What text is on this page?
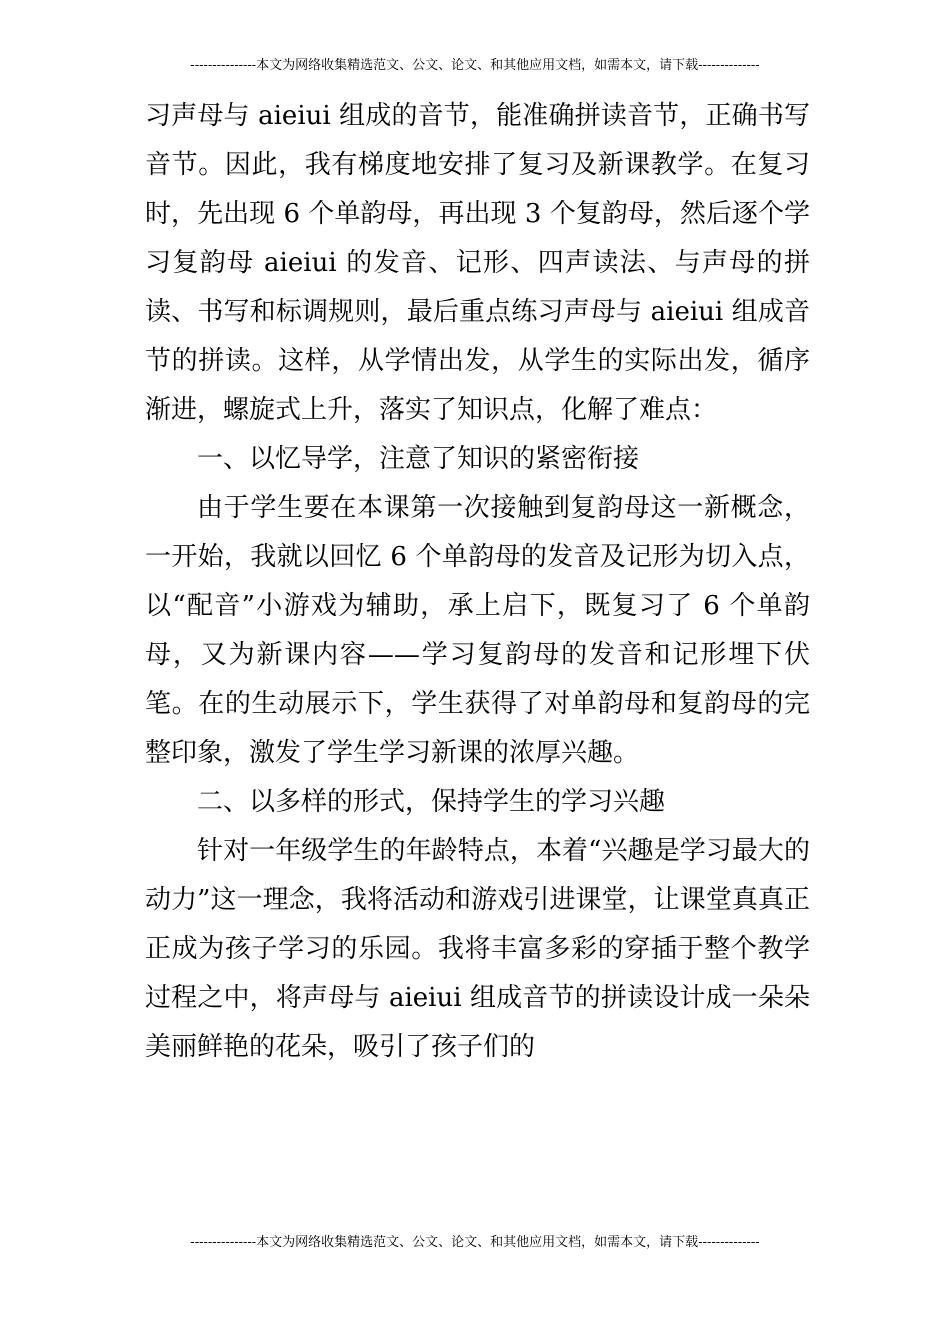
---------------本文为网络收集精选范文、公文、论文、和其他应用文档，如需本文，请下载--------------

习声母与 aieiui 组成的音节，能准确拼读音节，正确书写音节。因此，我有梯度地安排了复习及新课教学。在复习时，先出现 6 个单韵母，再出现 3 个复韵母，然后逐个学习复韵母 aieiui 的发音、记形、四声读法、与声母的拼读、书写和标调规则，最后重点练习声母与 aieiui 组成音节的拼读。这样，从学情出发，从学生的实际出发，循序渐进，螺旋式上升，落实了知识点，化解了难点：

一、以忆导学，注意了知识的紧密衔接

由于学生要在本课第一次接触到复韵母这一新概念，一开始，我就以回忆 6 个单韵母的发音及记形为切入点，以“配音”小游戏为辅助，承上启下，既复习了 6 个单韵母，又为新课内容——学习复韵母的发音和记形埋下伏笔。在的生动展示下，学生获得了对单韵母和复韵母的完整印象，激发了学生学习新课的浓厚兴趣。

二、以多样的形式，保持学生的学习兴趣

针对一年级学生的年龄特点，本着“兴趣是学习最大的动力”这一理念，我将活动和游戏引进课堂，让课堂真真正正成为孩子学习的乐园。我将丰富多彩的穿插于整个教学过程之中，将声母与 aieiui 组成音节的拼读设计成一朵朵美丽鲜艳的花朵，吸引了孩子们的

---------------本文为网络收集精选范文、公文、论文、和其他应用文档，如需本文，请下载--------------
